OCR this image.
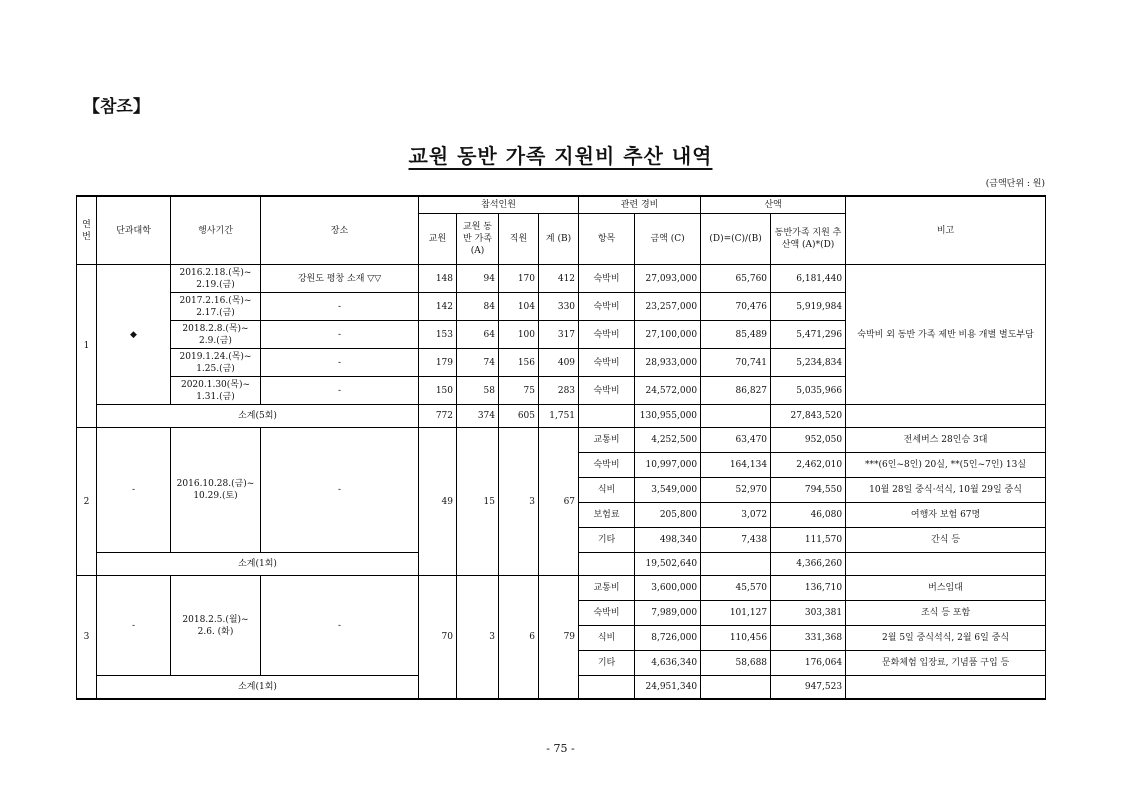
【참조】
교원 동반 가족 지원비 추산 내역
(금액단위 : 원)
연번	단과대학	행사기간	장소	참석인원				관련 경비		산액		비고
				교원	교원 동반 가족 (A)	직원	계 (B)	항목	금액 (C)	(D)=(C)/(B)	동반가족 지원 추산액 (A)*(D)	
1	◆	2016.2.18.(목)~ 2.19.(금)	강원도 평창 소재 ▽▽	148	94	170	412	숙박비	27,093,000	65,760	6,181,440	숙박비 외 동반 가족 제반 비용 개별 별도부담
		2017.2.16.(목)~ 2.17.(금)	-	142	84	104	330	숙박비	23,257,000	70,476	5,919,984	
		2018.2.8.(목)~ 2.9.(금)	-	153	64	100	317	숙박비	27,100,000	85,489	5,471,296	
		2019.1.24.(목)~ 1.25.(금)	-	179	74	156	409	숙박비	28,933,000	70,741	5,234,834	
		2020.1.30(목)~ 1.31.(금)	-	150	58	75	283	숙박비	24,572,000	86,827	5,035,966	
	소계(5회)			772	374	605	1,751		130,955,000		27,843,520	
2	-	2016.10.28.(금)~ 10.29.(토)	-	49	15	3	67	교통비	4,252,500	63,470	952,050	전세버스 28인승 3대
								숙박비	10,997,000	164,134	2,462,010	***(6인~8인) 20실, **(5인~7인) 13실
								식비	3,549,000	52,970	794,550	10월 28일 중식·석식, 10월 29일 중식
								보험료	205,800	3,072	46,080	여행자 보험 67명
								기타	498,340	7,438	111,570	간식 등
	소계(1회)								19,502,640		4,366,260	
3	-	2018.2.5.(월)~ 2.6. (화)	-	70	3	6	79	교통비	3,600,000	45,570	136,710	버스임대
								숙박비	7,989,000	101,127	303,381	조식 등 포함
								식비	8,726,000	110,456	331,368	2월 5일 중식석식, 2월 6일 중식
								기타	4,636,340	58,688	176,064	문화체험 입장료, 기념품 구입 등
	소계(1회)								24,951,340		947,523	
- 75 -
